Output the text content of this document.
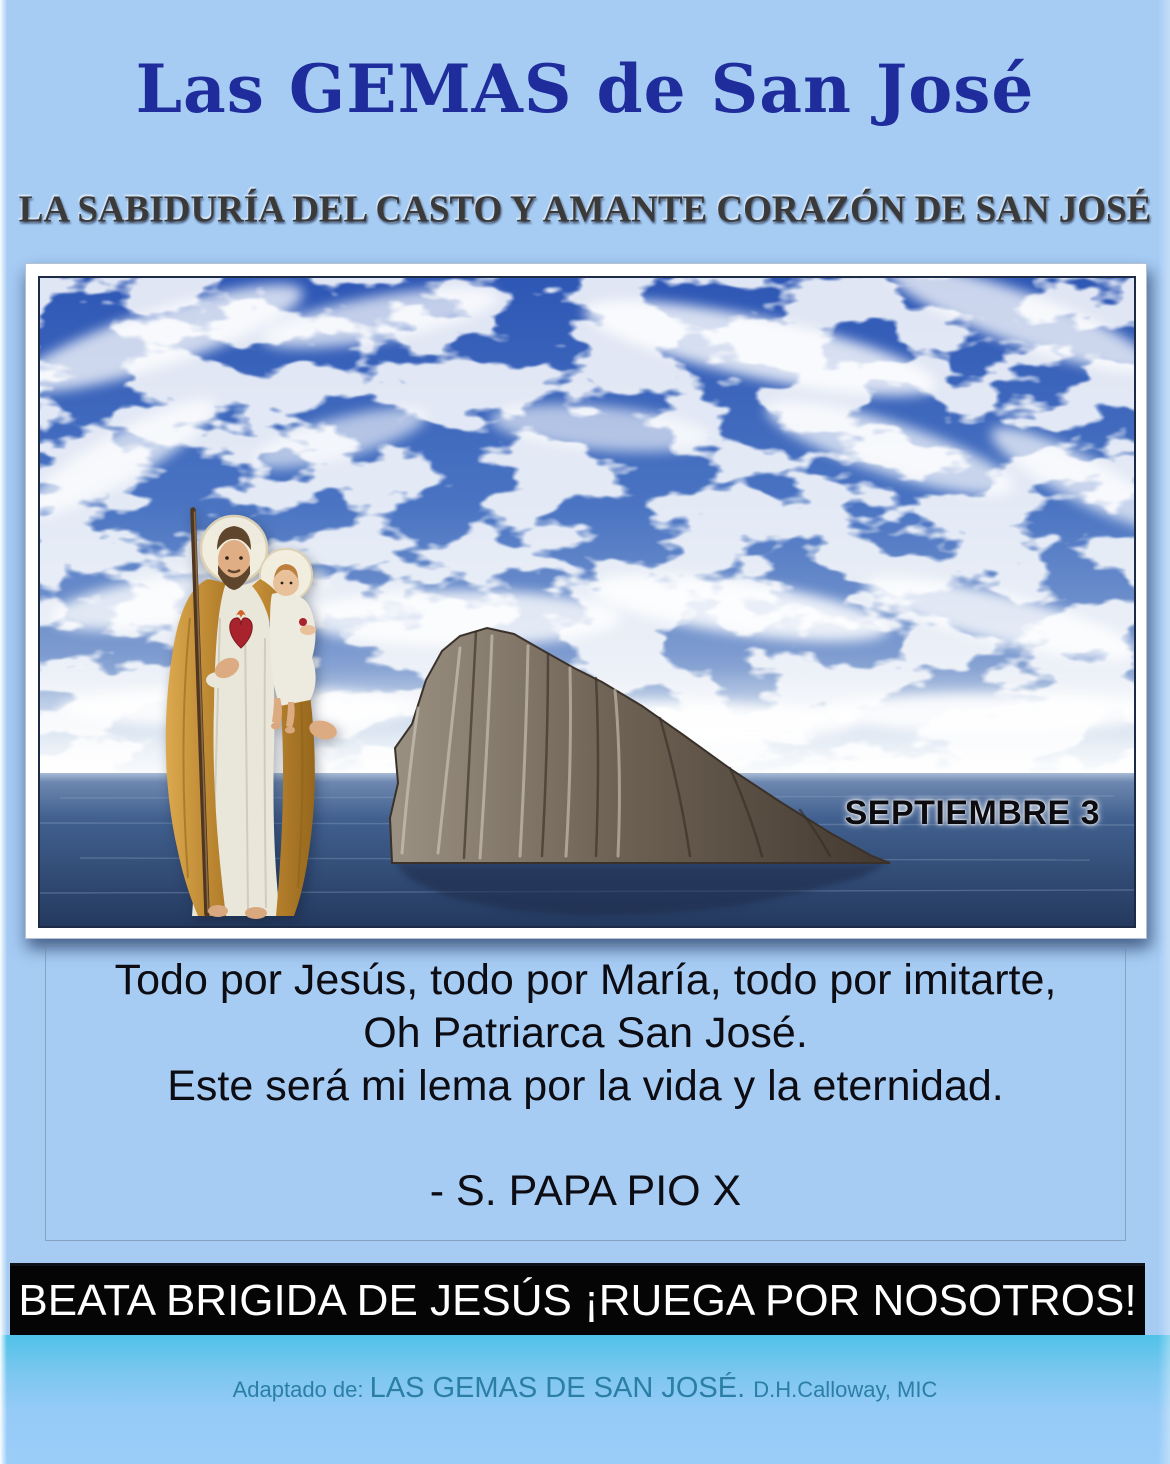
Las GEMAS de San José
LA SABIDURÍA DEL CASTO Y AMANTE CORAZÓN DE SAN JOSÉ
SEPTIEMBRE 3

Todo por Jesús, todo por María, todo por imitarte,

Oh Patriarca San José.

Este será mi lema por la vida y la eternidad.

- S. PAPA PIO X

BEATA BRIGIDA DE JESÚS ¡RUEGA POR NOSOTROS!

Adaptado de: LAS GEMAS DE SAN JOSÉ. D.H.Calloway, MIC
